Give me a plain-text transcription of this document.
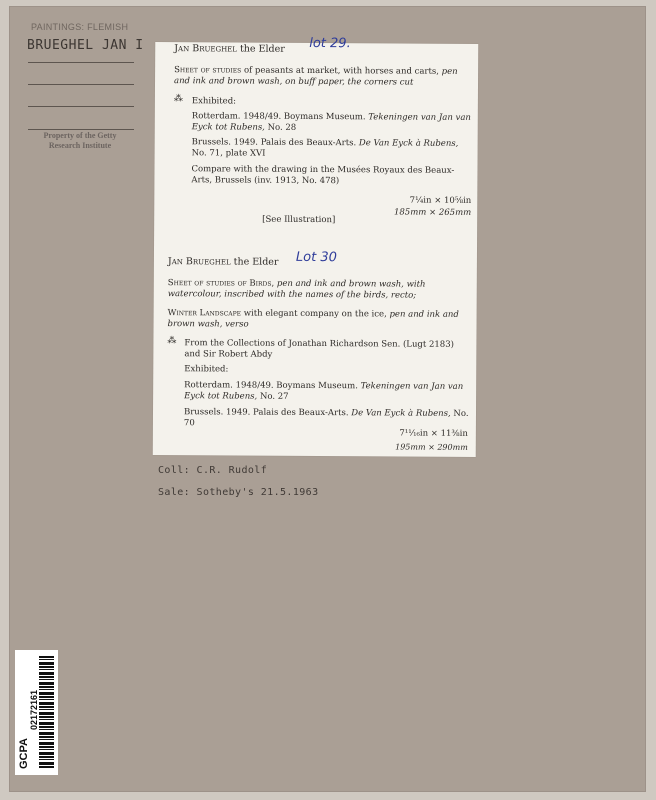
PAINTINGS: FLEMISH
BRUEGHEL JAN I
Property of the Getty
Research Institute

Jan Brueghel the Elder lot 29.

Sheet of studies of peasants at market, with horses and carts, pen and ink and brown wash, on buff paper, the corners cut

⁂ Exhibited:

Rotterdam. 1948/49. Boymans Museum. Tekeningen van Jan van Eyck tot Rubens, No. 28

Brussels. 1949. Palais des Beaux-Arts. De Van Eyck à Rubens, No. 71, plate XVI

Compare with the drawing in the Musées Royaux des Beaux-Arts, Brussels (inv. 1913, No. 478)

7¼in × 10⅝in

185mm × 265mm

[See Illustration]

Jan Brueghel the Elder Lot 30

Sheet of studies of Birds, pen and ink and brown wash, with watercolour, inscribed with the names of the birds, recto;

Winter Landscape with elegant company on the ice, pen and ink and brown wash, verso

⁂ From the Collections of Jonathan Richardson Sen. (Lugt 2183) and Sir Robert Abdy

Exhibited:

Rotterdam. 1948/49. Boymans Museum. Tekeningen van Jan van Eyck tot Rubens, No. 27

Brussels. 1949. Palais des Beaux-Arts. De Van Eyck à Rubens, No. 70

7¹¹⁄₁₆in × 11⅜in

195mm × 290mm

Coll: C.R. Rudolf
Sale: Sotheby's 21.5.1963
GCPA
02172161
